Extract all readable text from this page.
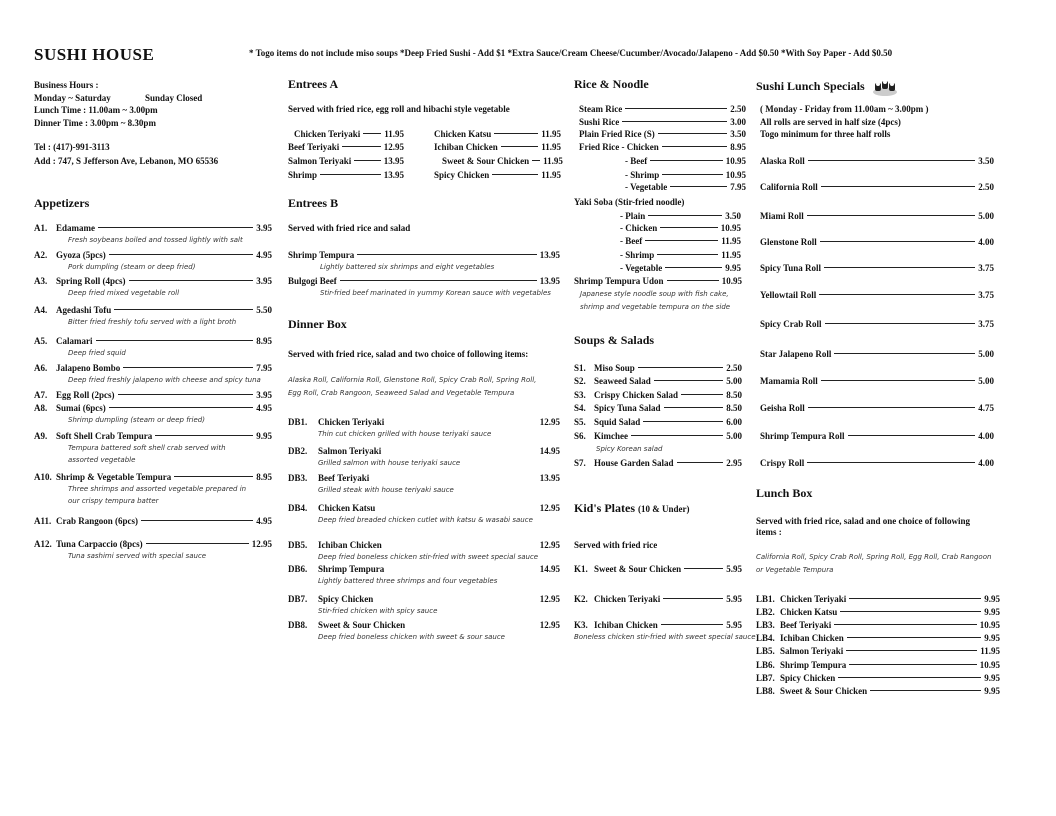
SUSHI HOUSE	* Togo items do not include miso soups *Deep Fried Sushi - Add $1 *Extra Sauce/Cream Cheese/Cucumber/Avocado/Jalapeno - Add $0.50 *With Soy Paper - Add $0.50
Business Hours :
Monday ~ Saturday	Sunday Closed
Lunch Time : 11.00am ~ 3.00pm
Dinner Time : 3.00pm ~ 8.30pm
Tel : (417)-991-3113
Add : 747, S Jefferson Ave, Lebanon, MO 65536
Appetizers
A1. Edamame	3.95
Fresh soybeans boiled and tossed lightly with salt
A2. Gyoza (5pcs)	4.95
Pork dumpling (steam or deep fried)
A3. Spring Roll (4pcs)	3.95
Deep fried mixed vegetable roll
A4. Agedashi Tofu	5.50
Bitter fried freshly tofu served with a light broth
A5. Calamari	8.95
Deep fried squid
A6. Jalapeno Bombo	7.95
Deep fried freshly jalapeno with cheese and spicy tuna
A7. Egg Roll (2pcs)	3.95
A8. Sumai (6pcs)	4.95
Shrimp dumpling (steam or deep fried)
A9. Soft Shell Crab Tempura	9.95
Tempura battered soft shell crab served with
assorted vegetable
A10. Shrimp & Vegetable Tempura	8.95
Three shrimps and assorted vegetable prepared in
our crispy tempura batter
A11. Crab Rangoon (6pcs)	4.95
A12. Tuna Carpaccio (8pcs)	12.95
Tuna sashimi served with special sauce
Entrees A
Served with fried rice, egg roll and hibachi style vegetable
Chicken Teriyaki	11.95
Beef Teriyaki	12.95
Salmon Teriyaki	13.95
Shrimp	13.95
Chicken Katsu	11.95
Ichiban Chicken	11.95
Sweet & Sour Chicken 11.95
Spicy Chicken	11.95
Entrees B
Served with fried rice and salad
Shrimp Tempura	13.95
Lightly battered six shrimps and eight vegetables
Bulgogi Beef	13.95
Stir-fried beef marinated in yummy Korean sauce with vegetables
Dinner Box
Served with fried rice, salad and two choice of following items:
Alaska Roll, California Roll, Glenstone Roll, Spicy Crab Roll, Spring Roll,
Egg Roll, Crab Rangoon, Seaweed Salad and Vegetable Tempura
DB1.	Chicken Teriyaki	12.95
Thin cut chicken grilled with house teriyaki sauce
DB2.	Salmon Teriyaki	14.95
Grilled salmon with house teriyaki sauce
DB3.	Beef Teriyaki	13.95
Grilled steak with house teriyaki sauce
DB4.	Chicken Katsu	12.95
Deep fried breaded chicken cutlet with katsu & wasabi sauce
DB5.	Ichiban Chicken	12.95
Deep fried boneless chicken stir-fried with sweet special sauce
DB6.	Shrimp Tempura	14.95
Lightly battered three shrimps and four vegetables
DB7.	Spicy Chicken	12.95
Stir-fried chicken with spicy sauce
DB8.	Sweet & Sour Chicken	12.95
Deep fried boneless chicken with sweet & sour sauce
Rice & Noodle
Steam Rice	2.50
Sushi Rice	3.00
Plain Fried Rice (S)	3.50
Fried Rice - Chicken	8.95
- Beef	10.95
- Shrimp	10.95
- Vegetable	7.95
- Plain	3.50
- Chicken	10.95
- Beef	11.95
- Shrimp	11.95
- Vegetable	9.95
Shrimp Tempura Udon	10.95
Japanese style noodle soup with fish cake,
shrimp and vegetable tempura on the side
Yaki Soba (Stir-fried noodle)
Soups & Salads
S1. Miso Soup	2.50
S2. Seaweed Salad	5.00
S3. Crispy Chicken Salad	8.50
S4. Spicy Tuna Salad	8.50
S5. Squid Salad	6.00
S6. Kimchee	5.00
Spicy Korean salad
S7. House Garden Salad	2.95
Kid's Plates (10 & Under)
Served with fried rice
K1. Sweet & Sour Chicken	5.95
K2. Chicken Teriyaki	5.95
K3. Ichiban Chicken	5.95
Boneless chicken stir-fried with sweet special sauce
Sushi Lunch Specials
( Monday - Friday from 11.00am ~ 3.00pm )
All rolls are served in half size (4pcs)
Togo minimum for three half rolls
Alaska Roll	3.50
California Roll	2.50
Miami Roll	5.00
Glenstone Roll	4.00
Spicy Tuna Roll	3.75
Yellowtail Roll	3.75
Spicy Crab Roll	3.75
Star Jalapeno Roll	5.00
Mamamia Roll	5.00
Geisha Roll	4.75
Shrimp Tempura Roll	4.00
Crispy Roll	4.00
Lunch Box
Served with fried rice, salad and one choice of following
items :
California Roll, Spicy Crab Roll, Spring Roll, Egg Roll, Crab Rangoon
or Vegetable Tempura
LB1. Chicken Teriyaki	9.95
LB2. Chicken Katsu	9.95
LB3. Beef Teriyaki	10.95
LB4. Ichiban Chicken	9.95
LB5. Salmon Teriyaki	11.95
LB6. Shrimp Tempura	10.95
LB7. Spicy Chicken	9.95
LB8. Sweet & Sour Chicken	9.95
